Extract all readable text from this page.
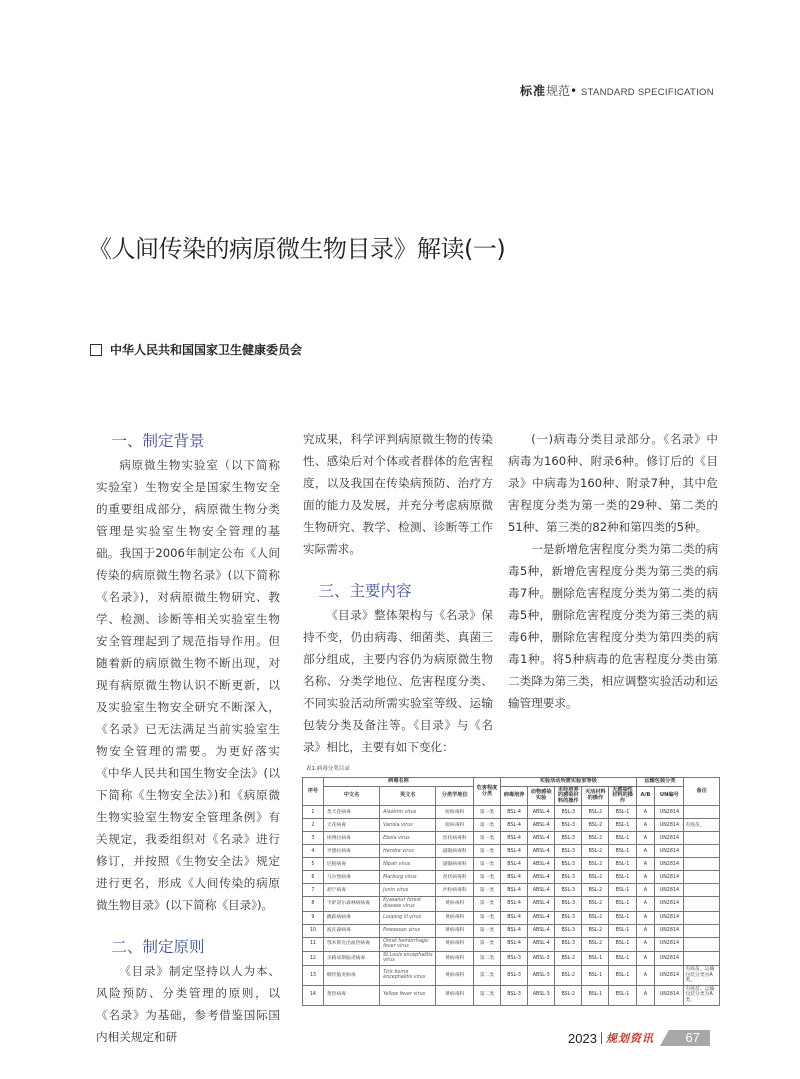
标准规范• STANDARD SPECIFICATION
《人间传染的病原微生物目录》解读(一)
中华人民共和国国家卫生健康委员会
一、制定背景

病原微生物实验室（以下简称实验室）生物安全是国家生物安全的重要组成部分，病原微生物分类管理是实验室生物安全管理的基础。我国于2006年制定公布《人间传染的病原微生物名录》(以下简称《名录》)，对病原微生物研究、教学、检测、诊断等相关实验室生物安全管理起到了规范指导作用。但随着新的病原微生物不断出现，对现有病原微生物认识不断更新，以及实验室生物安全研究不断深入，《名录》已无法满足当前实验室生物安全管理的需要。为更好落实《中华人民共和国生物安全法》(以下简称《生物安全法》)和《病原微生物实验室生物安全管理条例》有关规定，我委组织对《名录》进行修订，并按照《生物安全法》规定进行更名，形成《人间传染的病原微生物目录》(以下简称《目录》)。

二、制定原则

《目录》制定坚持以人为本、风险预防、分类管理的原则，以《名录》为基础，参考借鉴国际国内相关规定和研

究成果，科学评判病原微生物的传染性、感染后对个体或者群体的危害程度，以及我国在传染病预防、治疗方面的能力及发展，并充分考虑病原微生物研究、教学、检测、诊断等工作实际需求。

三、主要内容

《目录》整体架构与《名录》保持不变，仍由病毒、细菌类、真菌三部分组成，主要内容仍为病原微生物名称、分类学地位、危害程度分类、不同实验活动所需实验室等级、运输包装分类及备注等。《目录》与《名录》相比，主要有如下变化：

(一)病毒分类目录部分。《名录》中病毒为160种、附录6种。修订后的《目录》中病毒为160种、附录7种，其中危害程度分类为第一类的29种、第二类的51种、第三类的82种和第四类的5种。

一是新增危害程度分类为第二类的病毒5种，新增危害程度分类为第三类的病毒7种。删除危害程度分类为第二类的病毒5种，删除危害程度分类为第三类的病毒6种，删除危害程度分类为第四类的病毒1种。将5种病毒的危害程度分类由第二类降为第三类，相应调整实验活动和运输管理要求。

表1.病毒分类目录
序号	病毒名称			危害程度分类	实验活动所需实验室等级					运输包装分类		备注
	中文名	英文名	分类学地位		病毒培养	动物感染实验	未经培养的感染材料的操作	灭活材料的操作	无感染性材料的操作	A/B	UN编号	
1	类天花病毒	Alastrim virus	痘病毒科	第一类	BSL-4	ABSL-4	BSL-3	BSL-2	BSL-1	A	UN2814	
2	天花病毒	Variola virus	痘病毒科	第一类	BSL-4	ABSL-4	BSL-3	BSL-2	BSL-1	A	UN2814	有疫苗。
3	埃博拉病毒	Ebola virus	丝状病毒科	第一类	BSL-4	ABSL-4	BSL-3	BSL-2	BSL-1	A	UN2814	
4	亨德拉病毒	Hendra virus	副黏病毒科	第一类	BSL-4	ABSL-4	BSL-3	BSL-2	BSL-1	A	UN2814	
5	尼帕病毒	Nipah virus	副黏病毒科	第一类	BSL-4	ABSL-4	BSL-3	BSL-2	BSL-1	A	UN2814	
6	马尔堡病毒	Marburg virus	丝状病毒科	第一类	BSL-4	ABSL-4	BSL-3	BSL-2	BSL-1	A	UN2814	
7	胡宁病毒	Junin virus	沙粒病毒科	第一类	BSL-4	ABSL-4	BSL-3	BSL-2	BSL-1	A	UN2814	
8	卡萨诺尔森林病病毒	Kyasanur forest disease virus	黄病毒科	第一类	BSL-4	ABSL-4	BSL-3	BSL-2	BSL-1	A	UN2814	
9	跳跃病病毒	Louping ill virus	黄病毒科	第一类	BSL-4	ABSL-4	BSL-3	BSL-2	BSL-1	A	UN2814	
10	波瓦森病毒	Powassan virus	黄病毒科	第一类	BSL-4	ABSL-4	BSL-3	BSL-2	BSL-1	A	UN2814	
11	鄂木斯克出血热病毒	Omsk hemorrhagic fever virus	黄病毒科	第一类	BSL-4	ABSL-4	BSL-3	BSL-2	BSL-1	A	UN2814	
12	圣路易斯脑炎病毒	St.Louis encephalitis virus	黄病毒科	第二类	BSL-3	ABSL-3	BSL-2	BSL-1	BSL-1	A	UN2814	
13	蜱传脑炎病毒	Tick borne encephalitis virus	黄病毒科	第二类	BSL-3	ABSL-3	BSL-2	BSL-1	BSL-1	A	UN2814	有疫苗。运输包装分类为A类。
14	黄热病毒	Yellow fever virus	黄病毒科	第二类	BSL-3	ABSL-3	BSL-2	BSL-1	BSL-1	A	UN2814	有疫苗。运输包装分类为A类。
2023 规划资讯 67
